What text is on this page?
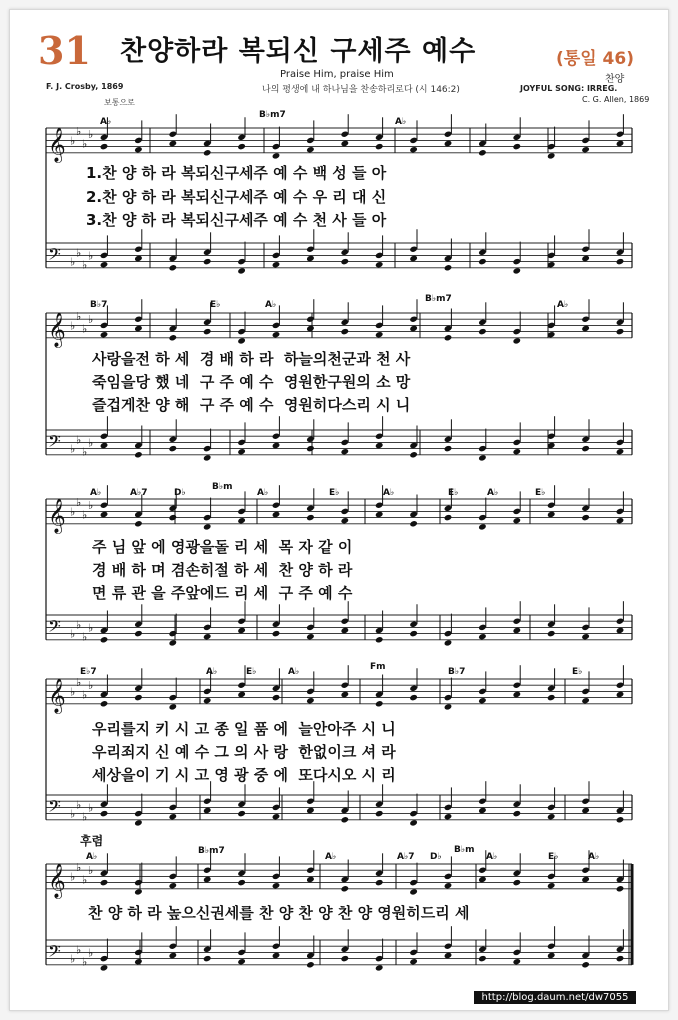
31 찬양하라 복되신 구세주 예수	(통일 46)
Praise Him, praise Him
나의 평생에 내 하나님을 찬송하리로다 (시 146:2)
찬양
F. J. Crosby, 1869
보통으로
JOYFUL SONG: IRREG.
C. G. Allen, 1869
𝄞 ♭
♭
♭
♭
𝄢 ♭
♭
♭
♭
𝄞 ♭
♭
♭
♭
𝄢 ♭
♭
♭
♭
𝄞 ♭
♭
♭
♭
𝄢 ♭
♭
♭
♭
𝄞 ♭
♭
♭
♭
𝄢 ♭
♭
♭
♭
𝄞 ♭
♭
♭
♭
𝄢 ♭
♭
♭
♭
A♭
B♭m7
A♭
1.찬 양 하 라 복되신구세주 예 수 백 성 들 아
2.찬 양 하 라 복되신구세주 예 수 우 리 대 신
3.찬 양 하 라 복되신구세주 예 수 천 사 들 아
B♭7	E♭	A♭
B♭m7
A♭
사랑을전 하 세  경 배 하 라  하늘의천군과 천 사
죽임을당 했 네  구 주 예 수  영원한구원의 소 망
즐겁게찬 양 해  구 주 예 수  영원히다스리 시 니
A♭	A♭7	D♭
B♭m
A♭	E♭	A♭	E♭	A♭	E♭
주 님 앞 에 영광을돌 리 세  목 자 같 이
경 배 하 며 겸손히절 하 세  찬 양 하 라
면 류 관 을 주앞에드 리 세  구 주 예 수
E♭7	A♭	E♭	A♭	Fm	B♭7	E♭
우리를지 키 시 고 종 일 품 에  늘안아주 시 니
우리죄지 신 예 수 그 의 사 랑  한없이크 셔 라
세상을이 기 시 고 영 광 중 에  또다시오 시 리
후렴
A♭
B♭m7
A♭	A♭7 D♭
B♭m
A♭	E♭	A♭
찬 양 하 라 높으신권세를 찬 양 찬 양 찬 양 영원히드리 세
http://blog.daum.net/dw7055
